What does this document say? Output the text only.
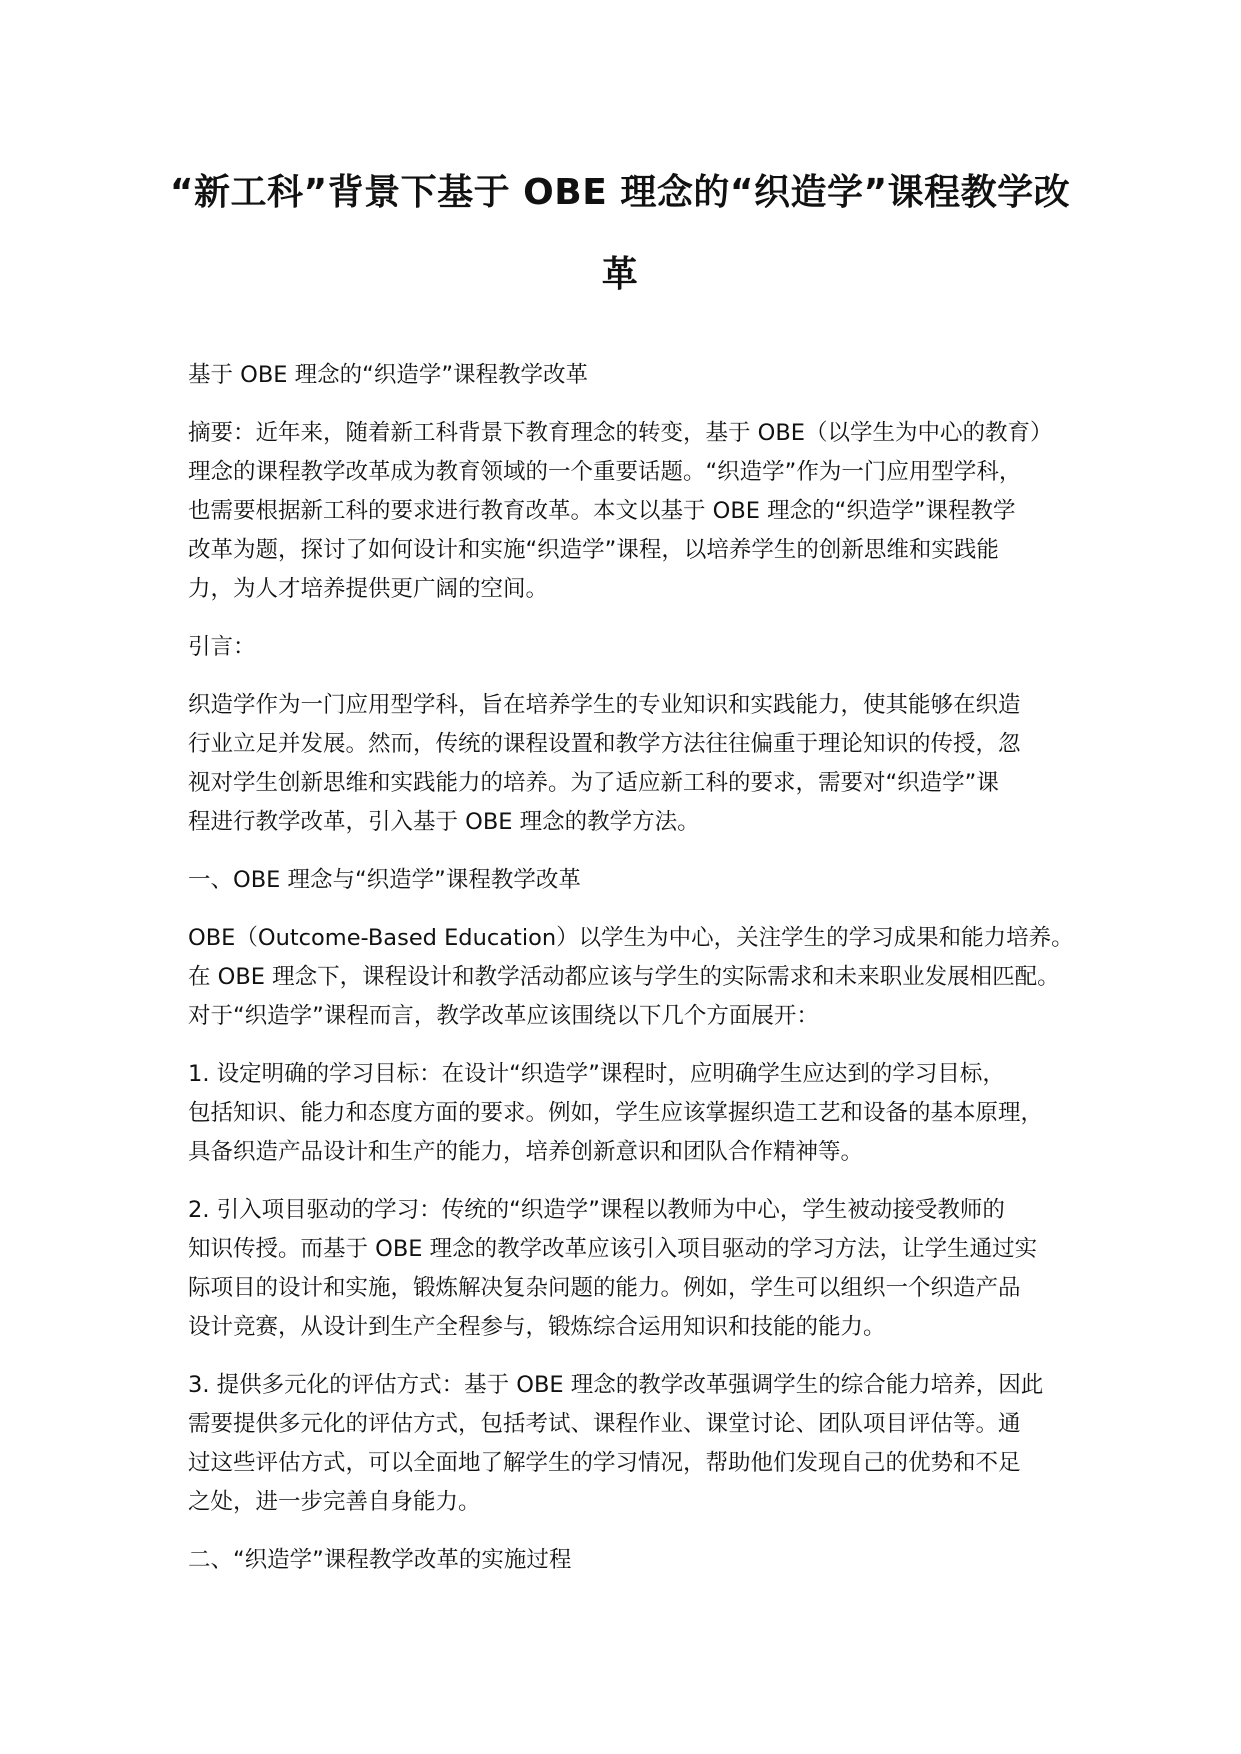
“新工科”背景下基于 OBE 理念的“织造学”课程教学改
革

基于 OBE 理念的“织造学”课程教学改革

摘要：近年来，随着新工科背景下教育理念的转变，基于 OBE（以学生为中心的教育）
理念的课程教学改革成为教育领域的一个重要话题。“织造学”作为一门应用型学科，
也需要根据新工科的要求进行教育改革。本文以基于 OBE 理念的“织造学”课程教学
改革为题，探讨了如何设计和实施“织造学”课程，以培养学生的创新思维和实践能
力，为人才培养提供更广阔的空间。

引言：

织造学作为一门应用型学科，旨在培养学生的专业知识和实践能力，使其能够在织造
行业立足并发展。然而，传统的课程设置和教学方法往往偏重于理论知识的传授，忽
视对学生创新思维和实践能力的培养。为了适应新工科的要求，需要对“织造学”课
程进行教学改革，引入基于 OBE 理念的教学方法。

一、OBE 理念与“织造学”课程教学改革

OBE（Outcome-Based Education）以学生为中心，关注学生的学习成果和能力培养。
在 OBE 理念下，课程设计和教学活动都应该与学生的实际需求和未来职业发展相匹配。
对于“织造学”课程而言，教学改革应该围绕以下几个方面展开：

1. 设定明确的学习目标：在设计“织造学”课程时，应明确学生应达到的学习目标，
包括知识、能力和态度方面的要求。例如，学生应该掌握织造工艺和设备的基本原理，
具备织造产品设计和生产的能力，培养创新意识和团队合作精神等。

2. 引入项目驱动的学习：传统的“织造学”课程以教师为中心，学生被动接受教师的
知识传授。而基于 OBE 理念的教学改革应该引入项目驱动的学习方法，让学生通过实
际项目的设计和实施，锻炼解决复杂问题的能力。例如，学生可以组织一个织造产品
设计竞赛，从设计到生产全程参与，锻炼综合运用知识和技能的能力。

3. 提供多元化的评估方式：基于 OBE 理念的教学改革强调学生的综合能力培养，因此
需要提供多元化的评估方式，包括考试、课程作业、课堂讨论、团队项目评估等。通
过这些评估方式，可以全面地了解学生的学习情况，帮助他们发现自己的优势和不足
之处，进一步完善自身能力。

二、“织造学”课程教学改革的实施过程
